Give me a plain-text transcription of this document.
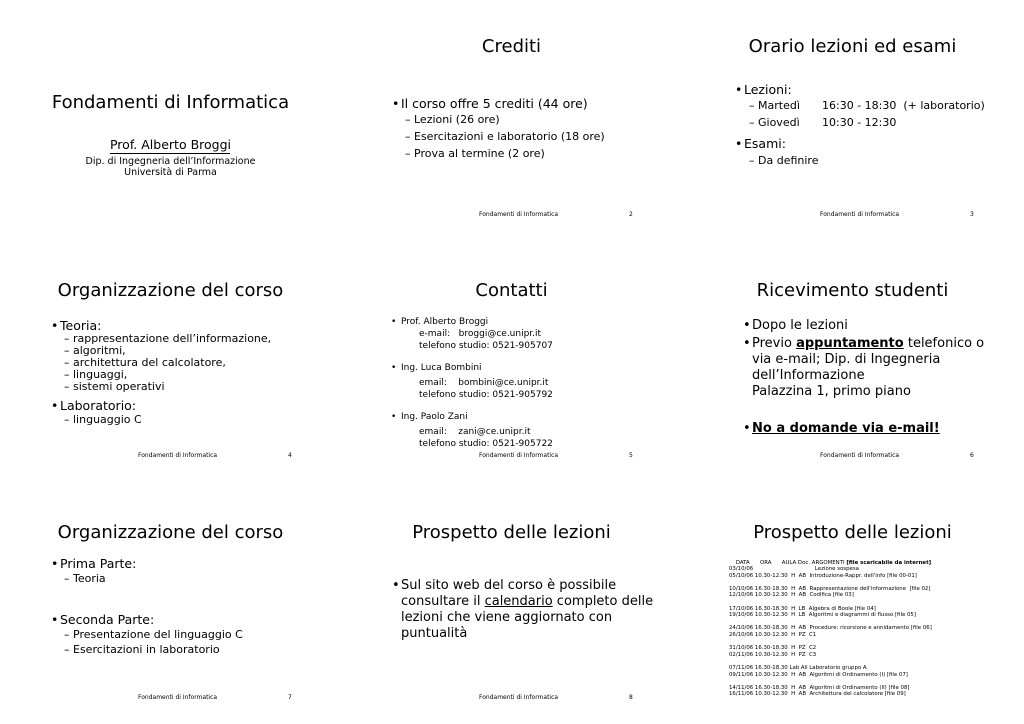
Fondamenti di Informatica
Prof. Alberto Broggi
Dip. di Ingegneria dell’Informazione
Università di Parma
Crediti
• Il corso offre 5 crediti (44 ore)
– Lezioni (26 ore)
– Esercitazioni e laboratorio (18 ore)
– Prova al termine (2 ore)
Fondamenti di Informatica	2
Orario lezioni ed esami
• Lezioni:
– Martedì 16:30 - 18:30  (+ laboratorio)
– Giovedì 10:30 - 12:30
• Esami:
– Da definire
Fondamenti di Informatica	3
Organizzazione del corso
• Teoria:
– rappresentazione dell’informazione,
– algoritmi,
– architettura del calcolatore,
– linguaggi,
– sistemi operativi
• Laboratorio:
– linguaggio C
Fondamenti di Informatica	4
Contatti
Prof. Alberto Broggi
•
e-mail:   broggi@ce.unipr.it
telefono studio: 0521-905707
• Ing. Luca Bombini
email:    bombini@ce.unipr.it
telefono studio: 0521-905792
• Ing. Paolo Zani
email:    zani@ce.unipr.it
telefono studio: 0521-905722
Fondamenti di Informatica	5
Ricevimento studenti
• Dopo le lezioni
• Previo appuntamento telefonico o
via e-mail; Dip. di Ingegneria
dell’Informazione
Palazzina 1, primo piano
• No a domande via e-mail!
Fondamenti di Informatica	6
Organizzazione del corso
• Prima Parte:
– Teoria
• Seconda Parte:
– Presentazione del linguaggio C
– Esercitazioni in laboratorio
Fondamenti di Informatica	7
Prospetto delle lezioni
• Sul sito web del corso è possibile
consultare il calendario completo delle
lezioni che viene aggiornato con
puntualità
Fondamenti di Informatica	8
Prospetto delle lezioni

DATA      ORA      AULA Doc. ARGOMENTI [file scaricabile da internet]

03/10/06                                    Lezione sospesa
05/10/06 10.30-12.30  H  AB  Introduzione-Rappr. dell'info [file 00-01]
10/10/06 16.30-18.30  H  AB  Rappresentazione dell'informazione  [file 02]
12/10/06 10.30-12.30  H  AB  Codifica [file 03]
17/10/06 16.30-18.30  H  LB  Algebra di Boole [file 04]
19/10/06 10.30-12.30  H  LB  Algoritmi e diagrammi di flusso [file 05]
24/10/06 16.30-18.30  H  AB  Procedure: ricorsione e annidamento [file 06]
26/10/06 10.30-12.30  H  PZ  C1
31/10/06 16.30-18.30  H  PZ  C2
02/11/06 10.30-12.30  H  PZ  C3
07/11/06 16.30-18.30 Lab All Laboratorio gruppo A
09/11/06 10.30-12.30  H  AB  Algoritmi di Ordinamento (I) [file 07]
14/11/06 16.30-18.30  H  AB  Algoritmi di Ordinamento (II) [file 08]
16/11/06 10.30-12.30  H  AB  Architettura del calcolatore [file 09]
